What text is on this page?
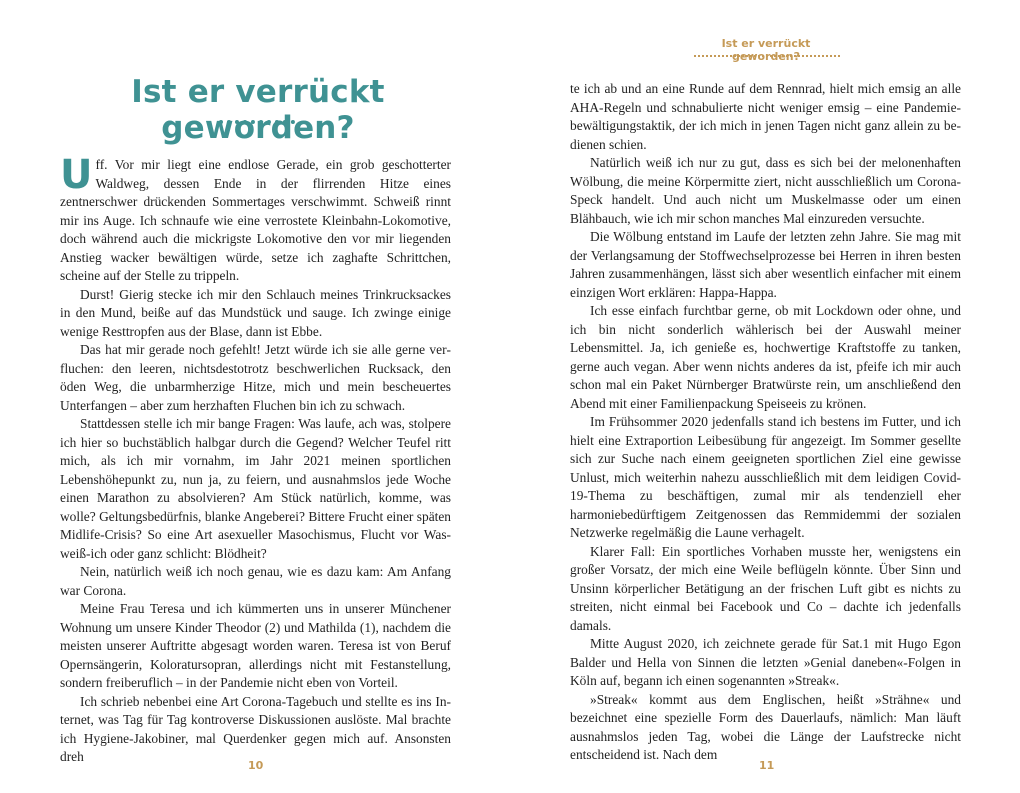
Ist er verrückt geworden?

Uff. Vor mir liegt eine endlose Gerade, ein grob geschotterter Waldweg, dessen Ende in der flirrenden Hitze eines zentnerschwer drückenden Sommertages verschwimmt. Schweiß rinnt mir ins Auge. Ich schnaufe wie eine verrostete Kleinbahn-Lokomotive, doch während auch die mickrigste Lokomotive den vor mir liegenden Anstieg wacker bewältigen würde, setze ich zaghafte Schrittchen, scheine auf der Stelle zu trippeln.

Durst! Gierig stecke ich mir den Schlauch meines Trinkrucksackes in den Mund, beiße auf das Mundstück und sauge. Ich zwinge einige wenige Resttropfen aus der Blase, dann ist Ebbe.

Das hat mir gerade noch gefehlt! Jetzt würde ich sie alle gerne verfluchen: den leeren, nichtsdestotrotz beschwerlichen Rucksack, den öden Weg, die unbarmherzige Hitze, mich und mein bescheuertes Unterfangen – aber zum herzhaften Fluchen bin ich zu schwach.

Stattdessen stelle ich mir bange Fragen: Was laufe, ach was, stolpere ich hier so buchstäblich halbgar durch die Gegend? Welcher Teufel ritt mich, als ich mir vornahm, im Jahr 2021 meinen sportlichen Lebenshöhepunkt zu, nun ja, zu feiern, und ausnahmslos jede Woche einen Marathon zu absolvieren? Am Stück natürlich, komme, was wolle? Geltungsbedürfnis, blanke Angeberei? Bittere Frucht einer späten Midlife-Crisis? So eine Art asexueller Masochismus, Flucht vor Was-weiß-ich oder ganz schlicht: Blödheit?

Nein, natürlich weiß ich noch genau, wie es dazu kam: Am Anfang war Corona.

Meine Frau Teresa und ich kümmerten uns in unserer Münchener Wohnung um unsere Kinder Theodor (2) und Mathilda (1), nachdem die meisten unserer Auftritte abgesagt worden waren. Teresa ist von Beruf Opernsängerin, Koloratursopran, allerdings nicht mit Festanstellung, sondern freiberuflich – in der Pandemie nicht eben von Vorteil.

Ich schrieb nebenbei eine Art Corona-Tagebuch und stellte es ins Internet, was Tag für Tag kontroverse Diskussionen auslöste. Mal brachte ich Hygiene-Jakobiner, mal Querdenker gegen mich auf. Ansonsten dreh

10
Ist er verrückt geworden?

te ich ab und an eine Runde auf dem Rennrad, hielt mich emsig an alle AHA-Regeln und schnabulierte nicht weniger emsig – eine Pandemiebewältigungstaktik, der ich mich in jenen Tagen nicht ganz allein zu bedienen schien.

Natürlich weiß ich nur zu gut, dass es sich bei der melonenhaften Wölbung, die meine Körpermitte ziert, nicht ausschließlich um Corona-Speck handelt. Und auch nicht um Muskelmasse oder um einen Blähbauch, wie ich mir schon manches Mal einzureden versuchte.

Die Wölbung entstand im Laufe der letzten zehn Jahre. Sie mag mit der Verlangsamung der Stoffwechselprozesse bei Herren in ihren besten Jahren zusammenhängen, lässt sich aber wesentlich einfacher mit einem einzigen Wort erklären: Happa-Happa.

Ich esse einfach furchtbar gerne, ob mit Lockdown oder ohne, und ich bin nicht sonderlich wählerisch bei der Auswahl meiner Lebensmittel. Ja, ich genieße es, hochwertige Kraftstoffe zu tanken, gerne auch vegan. Aber wenn nichts anderes da ist, pfeife ich mir auch schon mal ein Paket Nürnberger Bratwürste rein, um anschließend den Abend mit einer Familienpackung Speiseeis zu krönen.

Im Frühsommer 2020 jedenfalls stand ich bestens im Futter, und ich hielt eine Extraportion Leibesübung für angezeigt. Im Sommer gesellte sich zur Suche nach einem geeigneten sportlichen Ziel eine gewisse Unlust, mich weiterhin nahezu ausschließlich mit dem leidigen Covid-19-Thema zu beschäftigen, zumal mir als tendenziell eher harmoniebedürftigem Zeitgenossen das Remmidemmi der sozialen Netzwerke regelmäßig die Laune verhagelt.

Klarer Fall: Ein sportliches Vorhaben musste her, wenigstens ein großer Vorsatz, der mich eine Weile beflügeln könnte. Über Sinn und Unsinn körperlicher Betätigung an der frischen Luft gibt es nichts zu streiten, nicht einmal bei Facebook und Co – dachte ich jedenfalls damals.

Mitte August 2020, ich zeichnete gerade für Sat.1 mit Hugo Egon Balder und Hella von Sinnen die letzten »Genial daneben«-Folgen in Köln auf, begann ich einen sogenannten »Streak«.

»Streak« kommt aus dem Englischen, heißt »Strähne« und bezeichnet eine spezielle Form des Dauerlaufs, nämlich: Man läuft ausnahmslos jeden Tag, wobei die Länge der Laufstrecke nicht entscheidend ist. Nach dem

11
